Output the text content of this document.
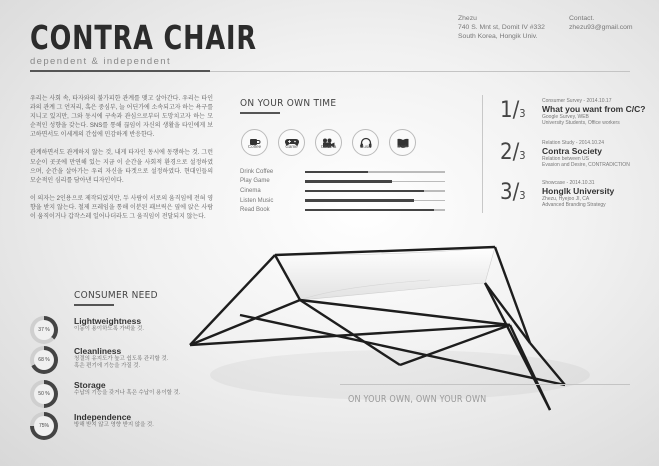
CONTRA CHAIR
dependent & independent
Zhezu
740 S. Mnt st, Domit IV #332
South Korea, Hongik Univ.
Contact.
zhezu93@gmail.com

우리는 사회 속, 타자와의 불가피한 관계를 맺고 살아간다. 우리는 타인과의 관계 그 언저리, 혹은 중심부, 늘 어딘가에 소속되고자 하는 욕구를 지니고 있지만, 그와 동시에 구속과 관심으로부터 도망치고자 하는 모순적인 성향을 갖는다. SNS를 통해 끊임이 자신의 생활을 타인에게 보고하면서도 이세계의 간섭에 민감하게 반응한다.

관계하면서도 관계하지 않는 것, 내게 타자인 동시에 동행하는 것. 그런 모순이 곳곳에 만연해 있는 지금 이 순간을 사회적 환경으로 설정하였으며, 순간을 살아가는 우리 자신을 타겟으로 설정하였다. 현대인들의 모순적인 심리를 담아낸 디자인이다.

이 의자는 2인용으로 제작되었지만, 두 사람이 서로의 움직임에 전혀 영향을 받지 않는다. 철제 프레임을 통해 이분된 패브릭은 옆에 앉은 사람이 움직이거나 갑작스레 일어나더라도 그 움직임이 전달되지 않는다.

ON YOUR OWN TIME
Coffee	Game	Cinema	Music	Book
Drink Coffee
Play Game
Cinema
Listen Music
Read Book
1/3
Consumer Survey - 2014.10.17
What you want from C/C?
Google Survey, WEB
University Students, Office workers
2/3
Relation Study - 2014.10.24
Contra Society
Relation between US
Evasion and Desire, CONTRADICTION
3/3
Showcase - 2014.10.31
Honglk University
Zhezu, Hyejoo JI, CA
Advanced Branding Strategy
CONSUMER NEED
37 %
Lightweightness
이동이 용이하도록 가벼울 것.
68 %
Cleanliness
청결의 유지도가 높고 쉽도록 관리할 것.
혹은 편기에 기능을 가질 것.
50 %
Storage
수납의 기능을 갖거나 혹은 수납이 용이할 것.
75%
Independence
방해 받지 않고 영향 받지 않을 것.
ON YOUR OWN, OWN YOUR OWN
